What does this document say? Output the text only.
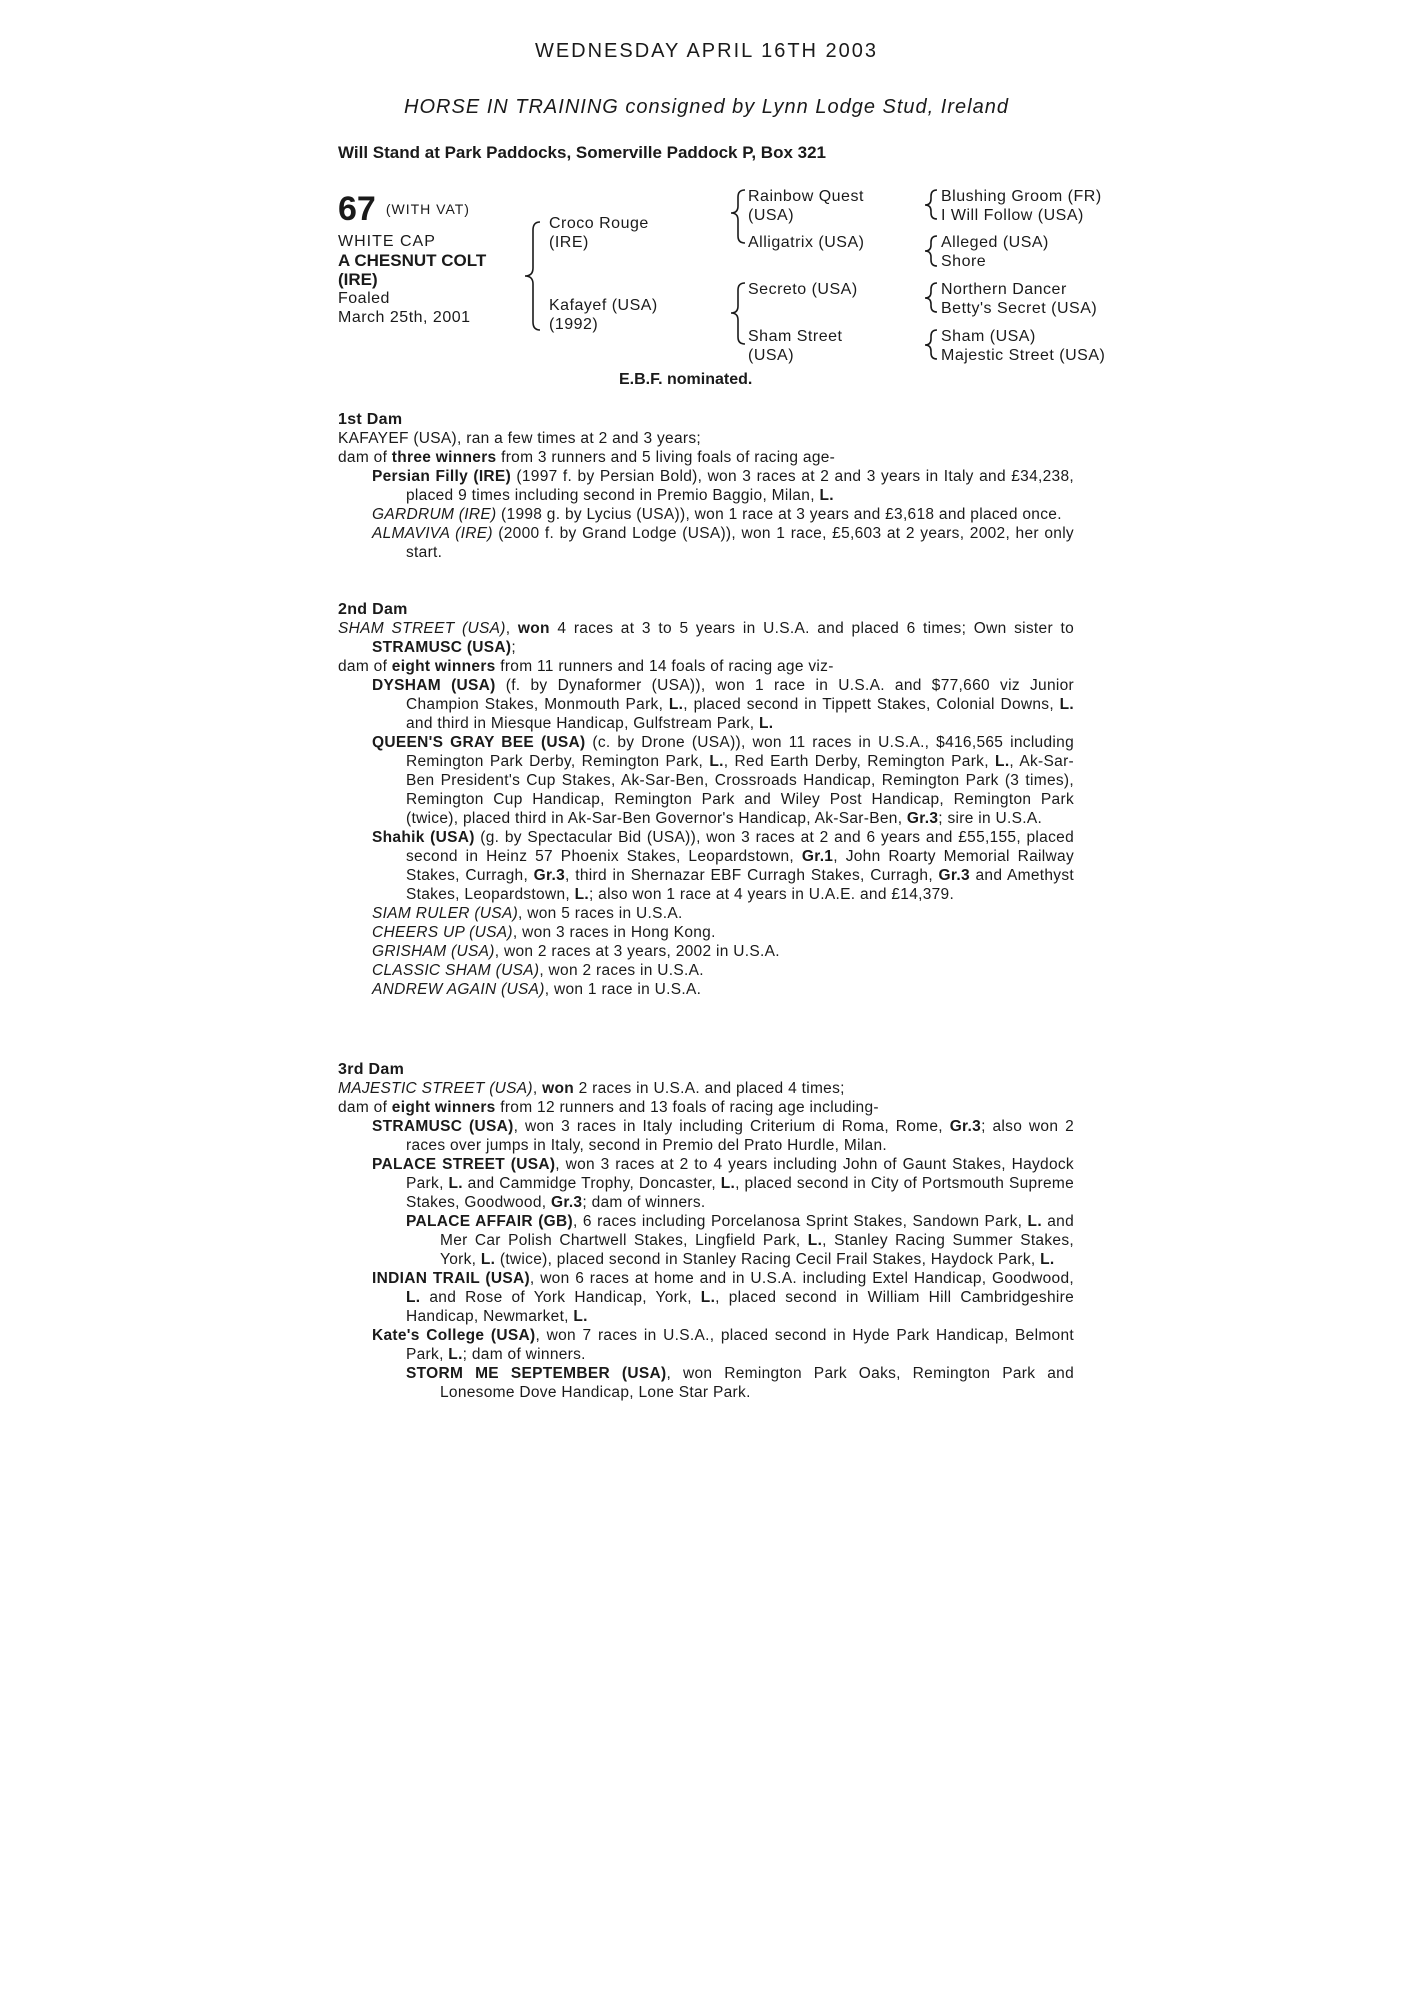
WEDNESDAY APRIL 16TH 2003
HORSE IN TRAINING consigned by Lynn Lodge Stud, Ireland
Will Stand at Park Paddocks, Somerville Paddock P, Box 321
67 (WITH VAT)
WHITE CAP
A CHESNUT COLT
(IRE)
Foaled
March 25th, 2001
Croco Rouge
(IRE)
Kafayef (USA)
(1992)
Rainbow Quest
(USA)
Alligatrix (USA)
Secreto (USA)
Sham Street
(USA)
Blushing Groom (FR)
I Will Follow (USA)
Alleged (USA)
Shore
Northern Dancer
Betty's Secret (USA)
Sham (USA)
Majestic Street (USA)
E.B.F. nominated.
1st Dam
KAFAYEF (USA), ran a few times at 2 and 3 years;
dam of three winners from 3 runners and 5 living foals of racing age-
Persian Filly (IRE) (1997 f. by Persian Bold), won 3 races at 2 and 3 years in Italy and £34,238, placed 9 times including second in Premio Baggio, Milan, L.
GARDRUM (IRE) (1998 g. by Lycius (USA)), won 1 race at 3 years and £3,618 and placed once.
ALMAVIVA (IRE) (2000 f. by Grand Lodge (USA)), won 1 race, £5,603 at 2 years, 2002, her only start.
2nd Dam
SHAM STREET (USA), won 4 races at 3 to 5 years in U.S.A. and placed 6 times; Own sister to STRAMUSC (USA);
dam of eight winners from 11 runners and 14 foals of racing age viz-
DYSHAM (USA) (f. by Dynaformer (USA)), won 1 race in U.S.A. and $77,660 viz Junior Champion Stakes, Monmouth Park, L., placed second in Tippett Stakes, Colonial Downs, L. and third in Miesque Handicap, Gulfstream Park, L.
QUEEN'S GRAY BEE (USA) (c. by Drone (USA)), won 11 races in U.S.A., $416,565 including Remington Park Derby, Remington Park, L., Red Earth Derby, Remington Park, L., Ak-Sar-Ben President's Cup Stakes, Ak-Sar-Ben, Crossroads Handicap, Remington Park (3 times), Remington Cup Handicap, Remington Park and Wiley Post Handicap, Remington Park (twice), placed third in Ak-Sar-Ben Governor's Handicap, Ak-Sar-Ben, Gr.3; sire in U.S.A.
Shahik (USA) (g. by Spectacular Bid (USA)), won 3 races at 2 and 6 years and £55,155, placed second in Heinz 57 Phoenix Stakes, Leopardstown, Gr.1, John Roarty Memorial Railway Stakes, Curragh, Gr.3, third in Shernazar EBF Curragh Stakes, Curragh, Gr.3 and Amethyst Stakes, Leopardstown, L.; also won 1 race at 4 years in U.A.E. and £14,379.
SIAM RULER (USA), won 5 races in U.S.A.
CHEERS UP (USA), won 3 races in Hong Kong.
GRISHAM (USA), won 2 races at 3 years, 2002 in U.S.A.
CLASSIC SHAM (USA), won 2 races in U.S.A.
ANDREW AGAIN (USA), won 1 race in U.S.A.
3rd Dam
MAJESTIC STREET (USA), won 2 races in U.S.A. and placed 4 times;
dam of eight winners from 12 runners and 13 foals of racing age including-
STRAMUSC (USA), won 3 races in Italy including Criterium di Roma, Rome, Gr.3; also won 2 races over jumps in Italy, second in Premio del Prato Hurdle, Milan.
PALACE STREET (USA), won 3 races at 2 to 4 years including John of Gaunt Stakes, Haydock Park, L. and Cammidge Trophy, Doncaster, L., placed second in City of Portsmouth Supreme Stakes, Goodwood, Gr.3; dam of winners.
PALACE AFFAIR (GB), 6 races including Porcelanosa Sprint Stakes, Sandown Park, L. and Mer Car Polish Chartwell Stakes, Lingfield Park, L., Stanley Racing Summer Stakes, York, L. (twice), placed second in Stanley Racing Cecil Frail Stakes, Haydock Park, L.
INDIAN TRAIL (USA), won 6 races at home and in U.S.A. including Extel Handicap, Goodwood, L. and Rose of York Handicap, York, L., placed second in William Hill Cambridgeshire Handicap, Newmarket, L.
Kate's College (USA), won 7 races in U.S.A., placed second in Hyde Park Handicap, Belmont Park, L.; dam of winners.
STORM ME SEPTEMBER (USA), won Remington Park Oaks, Remington Park and Lonesome Dove Handicap, Lone Star Park.
